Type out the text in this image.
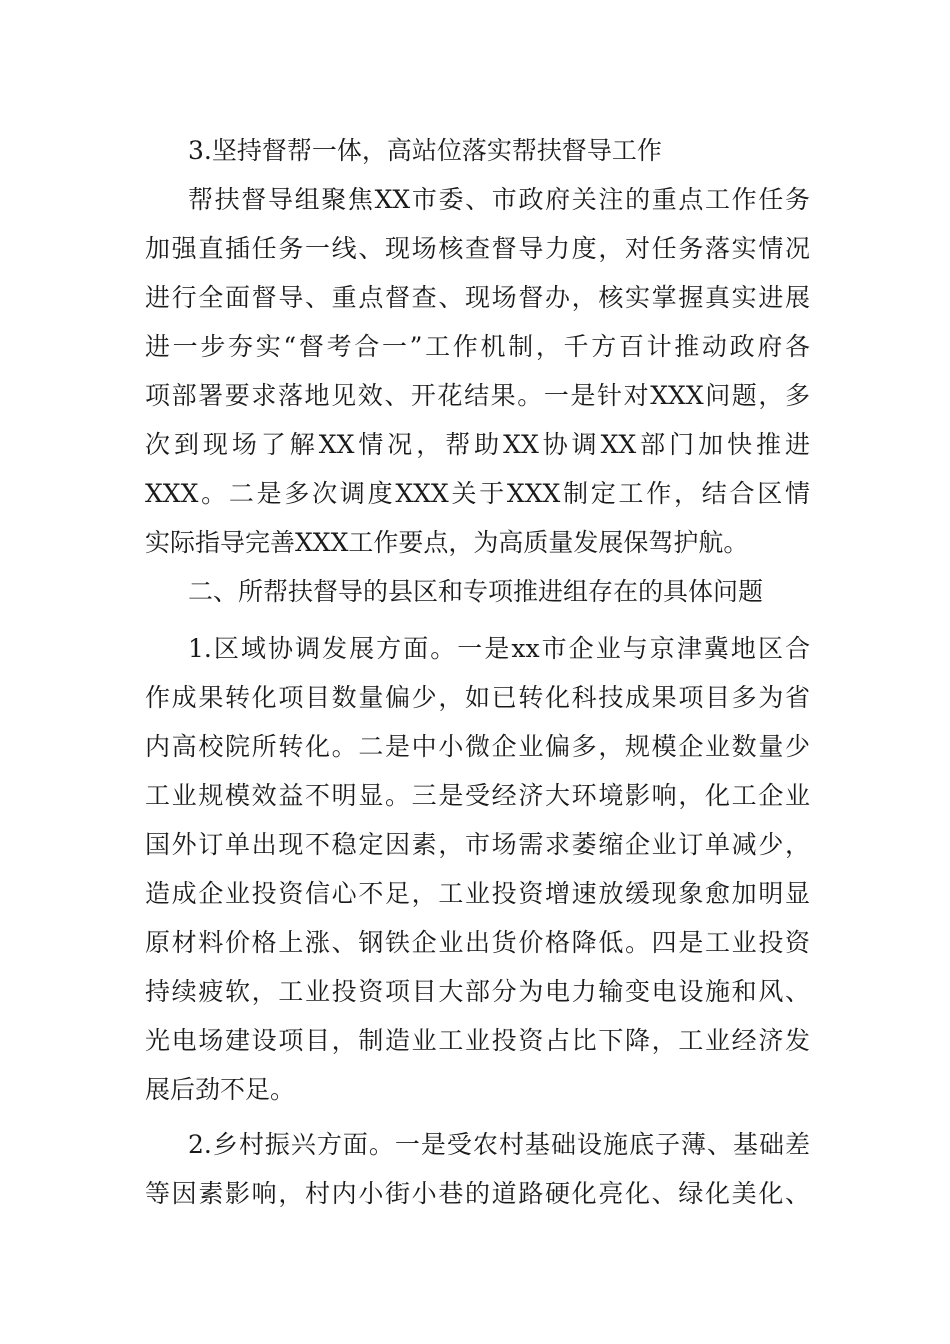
3.坚持督帮一体，高站位落实帮扶督导工作
帮扶督导组聚焦XX市委、市政府关注的重点工作任务
加强直插任务一线、现场核查督导力度，对任务落实情况
进行全面督导、重点督查、现场督办，核实掌握真实进展
进一步夯实“督考合一”工作机制，千方百计推动政府各
项部署要求落地见效、开花结果。一是针对XXX问题，多
次到现场了解XX情况，帮助XX协调XX部门加快推进
XXX。二是多次调度XXX关于XXX制定工作，结合区情
实际指导完善XXX工作要点，为高质量发展保驾护航。
二、所帮扶督导的县区和专项推进组存在的具体问题
1.区域协调发展方面。一是xx市企业与京津冀地区合
作成果转化项目数量偏少，如已转化科技成果项目多为省
内高校院所转化。二是中小微企业偏多，规模企业数量少
工业规模效益不明显。三是受经济大环境影响，化工企业
国外订单出现不稳定因素，市场需求萎缩企业订单减少，
造成企业投资信心不足，工业投资增速放缓现象愈加明显
原材料价格上涨、钢铁企业出货价格降低。四是工业投资
持续疲软，工业投资项目大部分为电力输变电设施和风、
光电场建设项目，制造业工业投资占比下降，工业经济发
展后劲不足。
2.乡村振兴方面。一是受农村基础设施底子薄、基础差
等因素影响，村内小街小巷的道路硬化亮化、绿化美化、
